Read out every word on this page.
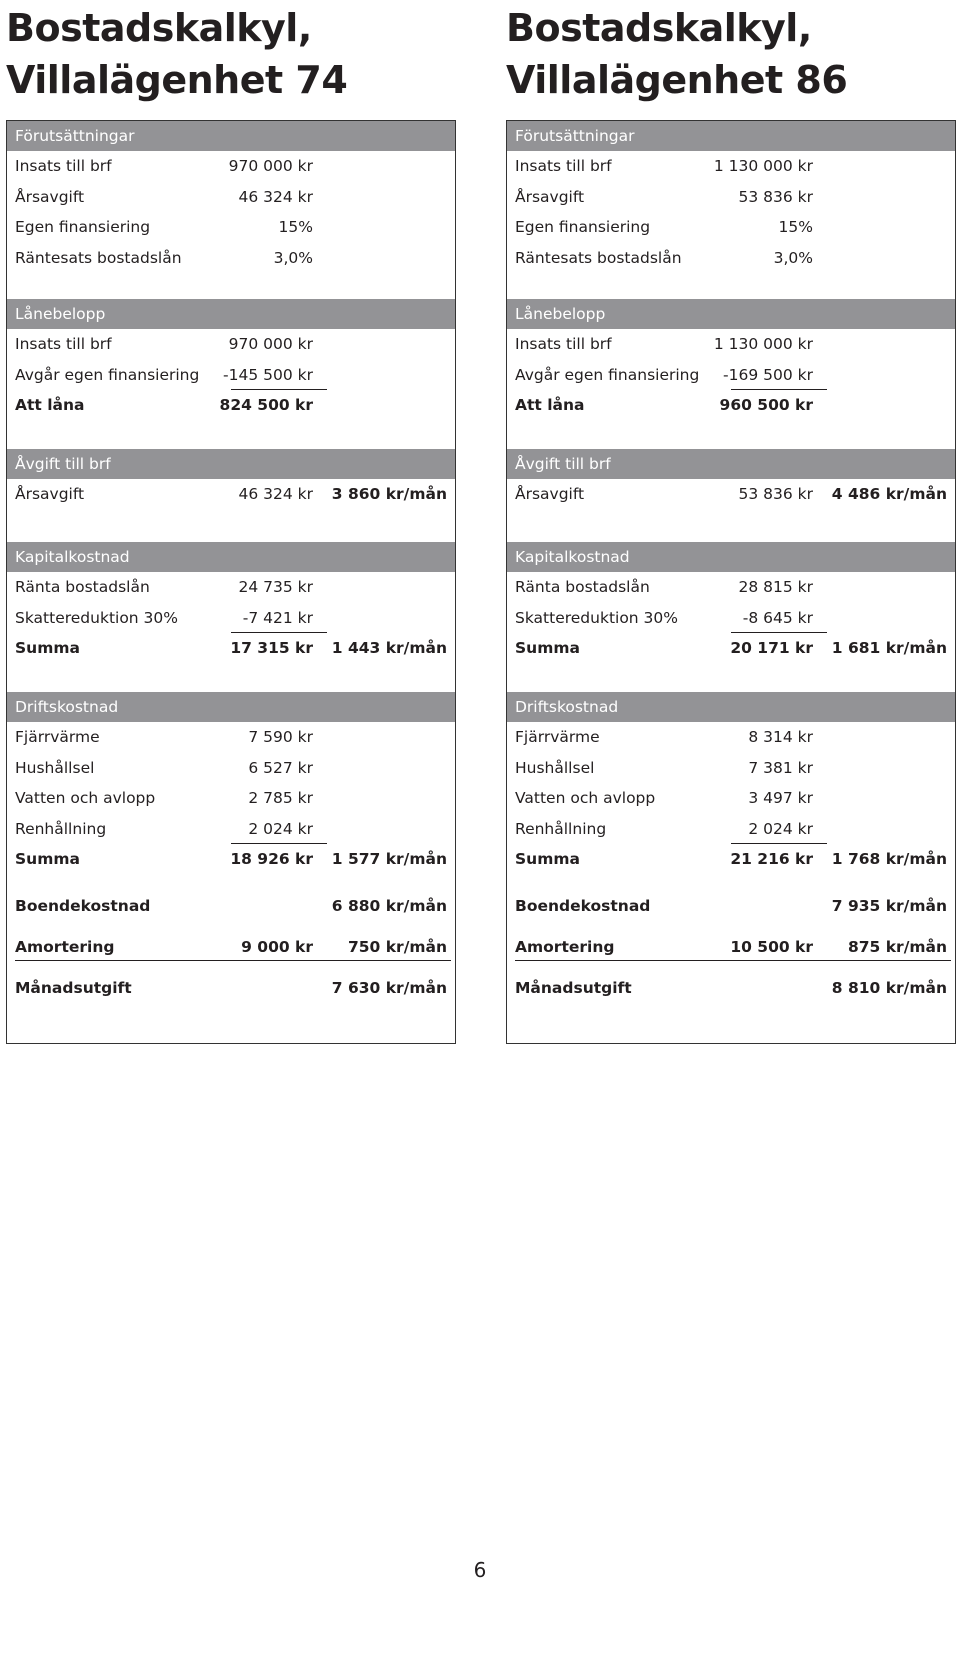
Bostadskalkyl,
Villalägenhet 74
Förutsättningar
Insats till brf	970 000 kr
Årsavgift	46 324 kr
Egen finansiering	15%
Räntesats bostadslån	3,0%
Lånebelopp
Insats till brf	970 000 kr
Avgår egen finansiering	-145 500 kr
Att låna	824 500 kr
Åvgift till brf
Årsavgift	46 324 kr	3 860 kr/mån
Kapitalkostnad
Ränta bostadslån	24 735 kr
Skattereduktion 30%	-7 421 kr
Summa	17 315 kr	1 443 kr/mån
Driftskostnad
Fjärrvärme	7 590 kr
Hushållsel	6 527 kr
Vatten och avlopp	2 785 kr
Renhållning	2 024 kr
Summa	18 926 kr	1 577 kr/mån
Boendekostnad	6 880 kr/mån
Amortering	9 000 kr	750 kr/mån
Månadsutgift	7 630 kr/mån
Bostadskalkyl,
Villalägenhet 86
Förutsättningar
Insats till brf	1 130 000 kr
Årsavgift	53 836 kr
Egen finansiering	15%
Räntesats bostadslån	3,0%
Lånebelopp
Insats till brf	1 130 000 kr
Avgår egen finansiering	-169 500 kr
Att låna	960 500 kr
Åvgift till brf
Årsavgift	53 836 kr	4 486 kr/mån
Kapitalkostnad
Ränta bostadslån	28 815 kr
Skattereduktion 30%	-8 645 kr
Summa	20 171 kr	1 681 kr/mån
Driftskostnad
Fjärrvärme	8 314 kr
Hushållsel	7 381 kr
Vatten och avlopp	3 497 kr
Renhållning	2 024 kr
Summa	21 216 kr	1 768 kr/mån
Boendekostnad	7 935 kr/mån
Amortering	10 500 kr	875 kr/mån
Månadsutgift	8 810 kr/mån
6
